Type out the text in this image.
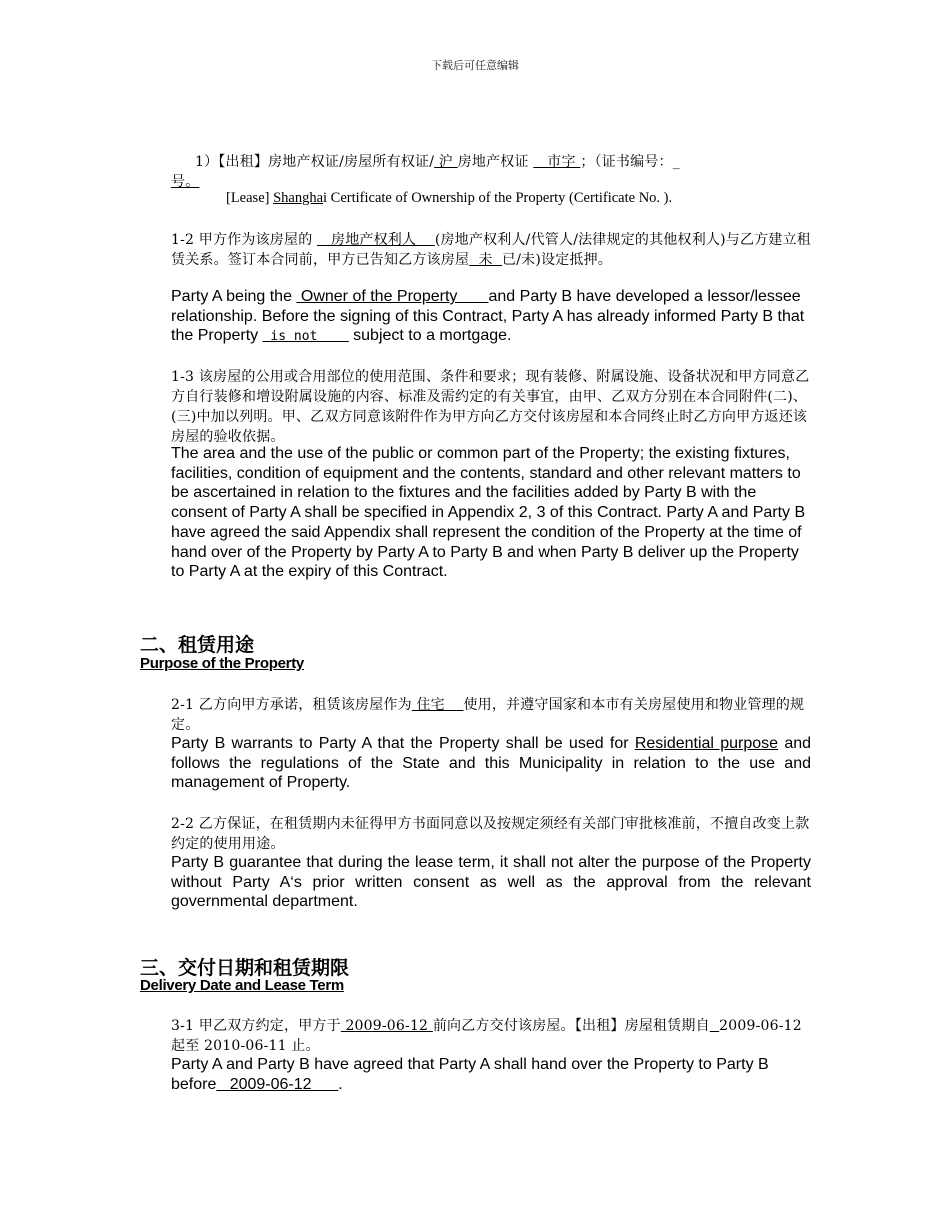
下载后可任意编辑
1）【出租】房地产权证/房屋所有权证/ 沪 房地产权证    市字 ；（证书编号：_
号。
[Lease] Shanghai Certificate of Ownership of the Property (Certificate No. ).
1-2 甲方作为该房屋的    房地产权利人    (房地产权利人/代管人/法律规定的其他权利人)与乙方建立租赁关系。签订本合同前，甲方已告知乙方该房屋  未  已/未)设定抵押。
Party A being the  Owner of the Property       and Party B have developed a lessor/lessee relationship. Before the signing of this Contract, Party A has already informed Party B that the Property  is not     subject to a mortgage.
1-3 该房屋的公用或合用部位的使用范围、条件和要求；现有装修、附属设施、设备状况和甲方同意乙方自行装修和增设附属设施的内容、标准及需约定的有关事宜，由甲、乙双方分别在本合同附件(二)、(三)中加以列明。甲、乙双方同意该附件作为甲方向乙方交付该房屋和本合同终止时乙方向甲方返还该房屋的验收依据。
The area and the use of the public or common part of the Property; the existing fixtures, facilities, condition of equipment and the contents, standard and other relevant matters to be ascertained in relation to the fixtures and the facilities added by Party B with the consent of Party A shall be specified in Appendix 2, 3 of this Contract. Party A and Party B have agreed the said Appendix shall represent the condition of the Property at the time of hand over of the Property by Party A to Party B and when Party B deliver up the Property to Party A at the expiry of this Contract.
二、租赁用途
Purpose of the Property
2-1 乙方向甲方承诺，租赁该房屋作为 住宅    使用，并遵守国家和本市有关房屋使用和物业管理的规定。
Party B warrants to Party A that the Property shall be used for Residential purpose and follows the regulations of the State and this Municipality in relation to the use and management of Property.
2-2 乙方保证，在租赁期内未征得甲方书面同意以及按规定须经有关部门审批核准前，不擅自改变上款约定的使用用途。
Party B guarantee that during the lease term, it shall not alter the purpose of the Property without Party A‘s prior written consent as well as the approval from the relevant governmental department.
三、交付日期和租赁期限
Delivery Date and Lease Term
3-1 甲乙双方约定，甲方于 2009-06-12 前向乙方交付该房屋。【出租】房屋租赁期自 2009-06-12 起至 2010-06-11 止。
Party A and Party B have agreed that Party A shall hand over the Property to Party B before   2009-06-12      .
